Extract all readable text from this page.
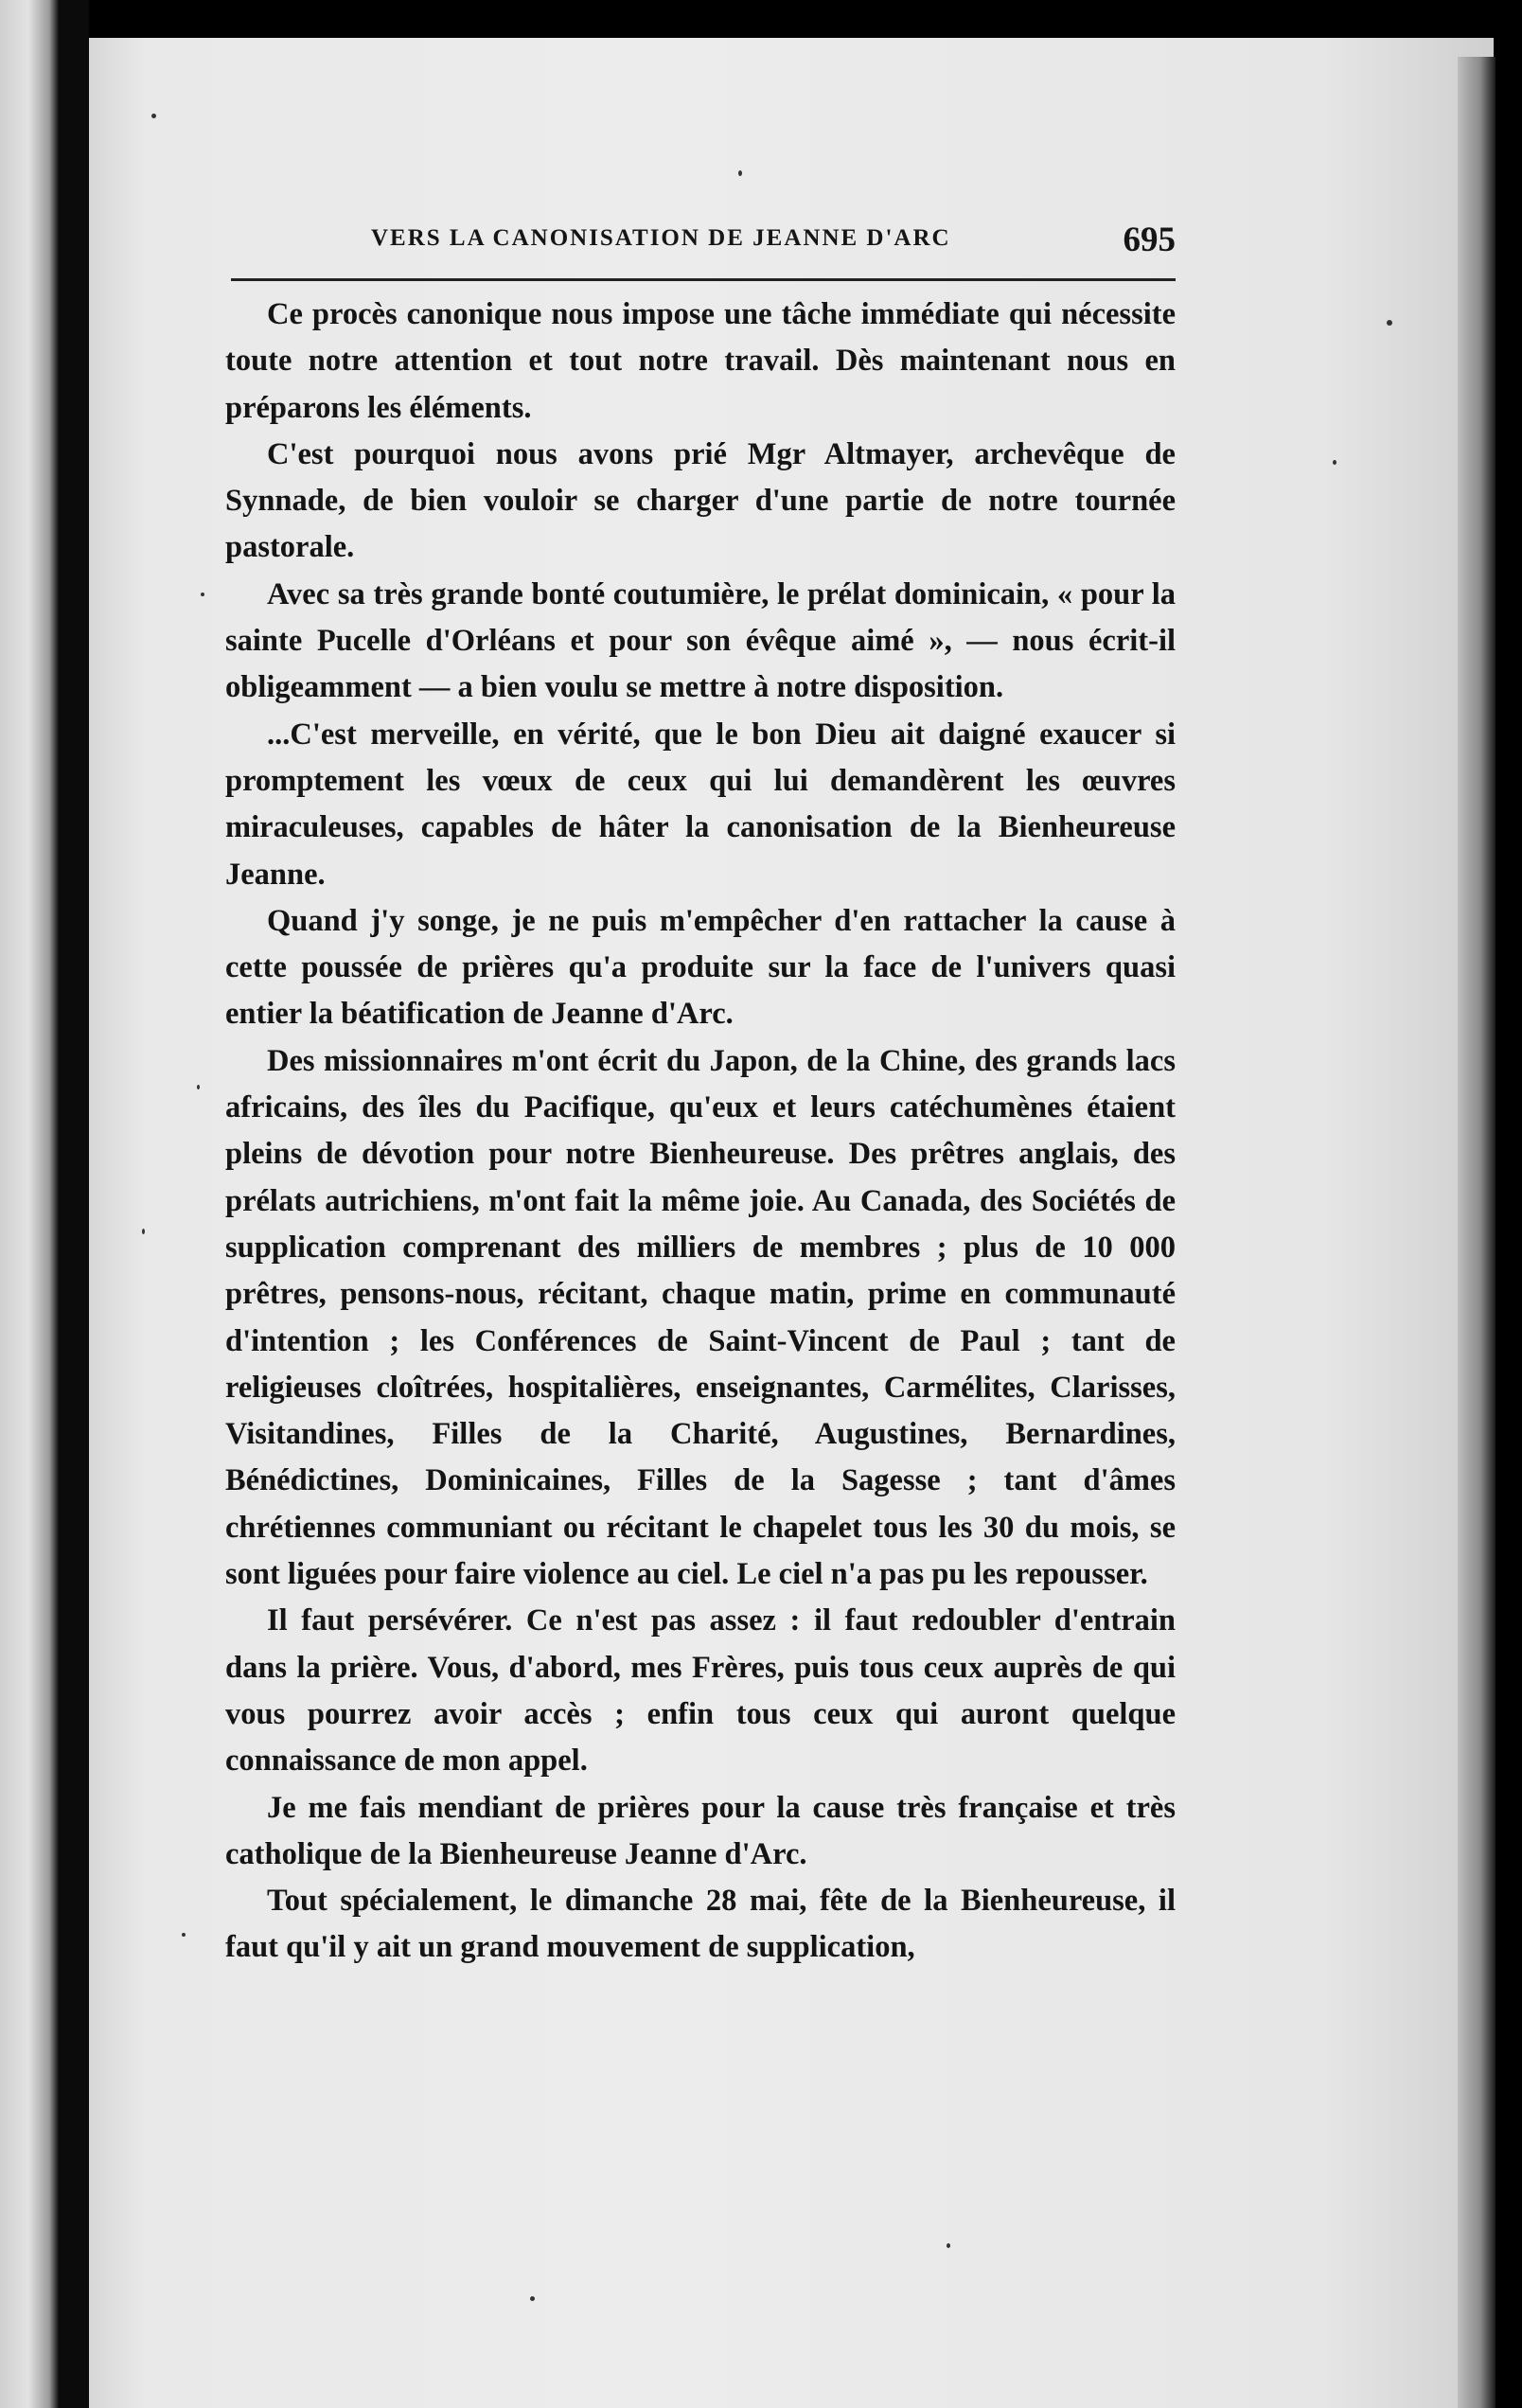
VERS LA CANONISATION DE JEANNE D'ARC	695

Ce procès canonique nous impose une tâche immédiate qui nécessite toute notre attention et tout notre travail. Dès maintenant nous en préparons les éléments.

C'est pourquoi nous avons prié Mgr Altmayer, archevêque de Synnade, de bien vouloir se charger d'une partie de notre tournée pastorale.

Avec sa très grande bonté coutumière, le prélat dominicain, « pour la sainte Pucelle d'Orléans et pour son évêque aimé », — nous écrit-il obligeamment — a bien voulu se mettre à notre disposition.

...C'est merveille, en vérité, que le bon Dieu ait daigné exaucer si promptement les vœux de ceux qui lui demandèrent les œuvres miraculeuses, capables de hâter la canonisation de la Bienheureuse Jeanne.

Quand j'y songe, je ne puis m'empêcher d'en rattacher la cause à cette poussée de prières qu'a produite sur la face de l'univers quasi entier la béatification de Jeanne d'Arc.

Des missionnaires m'ont écrit du Japon, de la Chine, des grands lacs africains, des îles du Pacifique, qu'eux et leurs catéchumènes étaient pleins de dévotion pour notre Bienheureuse. Des prêtres anglais, des prélats autrichiens, m'ont fait la même joie. Au Canada, des Sociétés de supplication comprenant des milliers de membres ; plus de 10 000 prêtres, pensons-nous, récitant, chaque matin, prime en communauté d'intention ; les Conférences de Saint-Vincent de Paul ; tant de religieuses cloîtrées, hospitalières, enseignantes, Carmélites, Clarisses, Visitandines, Filles de la Charité, Augustines, Bernardines, Bénédictines, Dominicaines, Filles de la Sagesse ; tant d'âmes chrétiennes communiant ou récitant le chapelet tous les 30 du mois, se sont liguées pour faire violence au ciel. Le ciel n'a pas pu les repousser.

Il faut persévérer. Ce n'est pas assez : il faut redoubler d'entrain dans la prière. Vous, d'abord, mes Frères, puis tous ceux auprès de qui vous pourrez avoir accès ; enfin tous ceux qui auront quelque connaissance de mon appel.

Je me fais mendiant de prières pour la cause très française et très catholique de la Bienheureuse Jeanne d'Arc.

Tout spécialement, le dimanche 28 mai, fête de la Bienheureuse, il faut qu'il y ait un grand mouvement de supplication,
